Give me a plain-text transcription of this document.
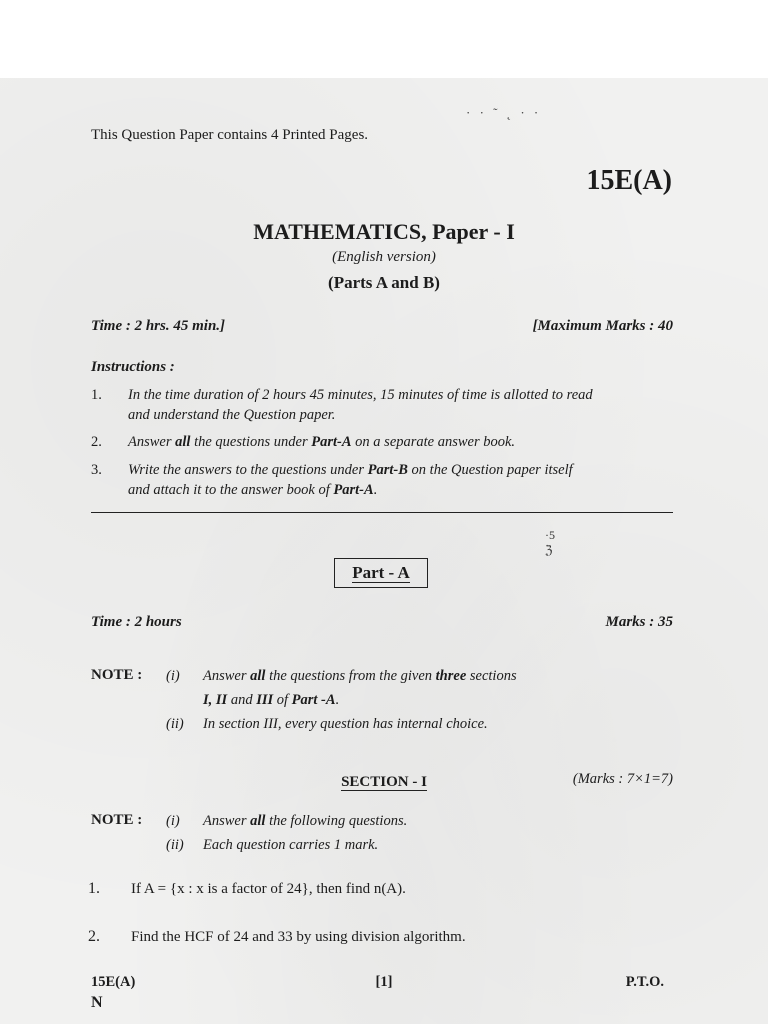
· · ˜ ˛ · ·
This Question Paper contains 4 Printed Pages.
15E(A)
MATHEMATICS, Paper - I
(English version)
(Parts A and B)
Time : 2 hrs. 45 min.]	[Maximum Marks : 40
Instructions :
1.	In the time duration of 2 hours 45 minutes, 15 minutes of time is allotted to read
and understand the Question paper.
2.	Answer all the questions under Part-A on a separate answer book.
3.	Write the answers to the questions under Part-B on the Question paper itself
and attach it to the answer book of Part-A.
·5
ℨ
Part - A
Time : 2 hours	Marks : 35
NOTE : (i) Answer all the questions from the given three sections
I, II and III of Part -A.
(ii) In section III, every question has internal choice.
SECTION - I	(Marks : 7×1=7)
NOTE : (i) Answer all the following questions.
(ii) Each question carries 1 mark.
1. If A = {x : x is a factor of 24}, then find n(A).
2. Find the HCF of 24 and 33 by using division algorithm.
15E(A)
N
[1]	P.T.O.
